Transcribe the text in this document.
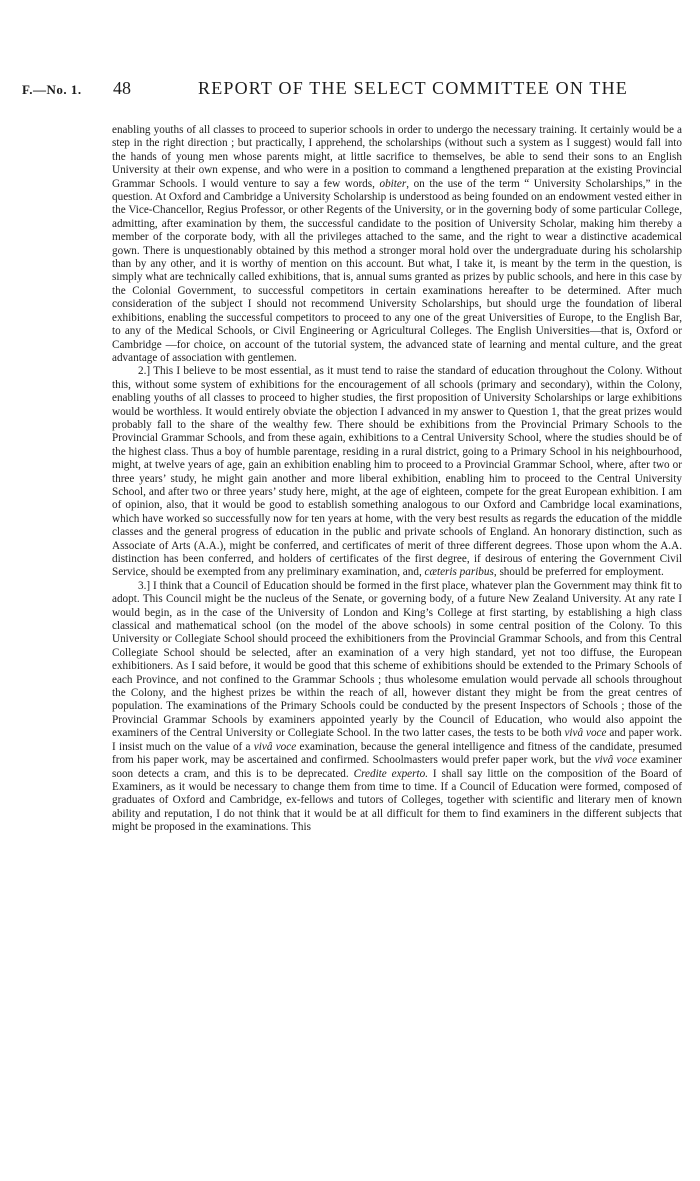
F.—No. 1. 48	REPORT OF THE SELECT COMMITTEE ON THE

enabling youths of all classes to proceed to superior schools in order to undergo the necessary training. It certainly would be a step in the right direction ; but practically, I apprehend, the scholarships (without such a system as I suggest) would fall into the hands of young men whose parents might, at little sacrifice to themselves, be able to send their sons to an English University at their own expense, and who were in a position to command a lengthened preparation at the existing Provincial Grammar Schools. I would venture to say a few words, obiter, on the use of the term “ University Scholarships,” in the question. At Oxford and Cambridge a University Scholarship is understood as being founded on an endowment vested either in the Vice-Chancellor, Regius Professor, or other Regents of the University, or in the governing body of some particular College, admitting, after examination by them, the successful candidate to the position of University Scholar, making him thereby a member of the corporate body, with all the privileges attached to the same, and the right to wear a distinctive academical gown. There is unquestionably obtained by this method a stronger moral hold over the undergraduate during his scholarship than by any other, and it is worthy of mention on this account. But what, I take it, is meant by the term in the question, is simply what are technically called exhibitions, that is, annual sums granted as prizes by public schools, and here in this case by the Colonial Government, to successful competitors in certain examinations hereafter to be determined. After much consideration of the subject I should not recommend University Scholarships, but should urge the foundation of liberal exhibitions, enabling the successful competitors to proceed to any one of the great Universities of Europe, to the English Bar, to any of the Medical Schools, or Civil Engineering or Agricultural Colleges. The English Universities—that is, Oxford or Cambridge —for choice, on account of the tutorial system, the advanced state of learning and mental culture, and the great advantage of association with gentlemen.

2.] This I believe to be most essential, as it must tend to raise the standard of education throughout the Colony. Without this, without some system of exhibitions for the encouragement of all schools (primary and secondary), within the Colony, enabling youths of all classes to proceed to higher studies, the first proposition of University Scholarships or large exhibitions would be worthless. It would entirely obviate the objection I advanced in my answer to Question 1, that the great prizes would probably fall to the share of the wealthy few. There should be exhibitions from the Provincial Primary Schools to the Provincial Grammar Schools, and from these again, exhibitions to a Central University School, where the studies should be of the highest class. Thus a boy of humble parentage, residing in a rural district, going to a Primary School in his neighbourhood, might, at twelve years of age, gain an exhibition enabling him to proceed to a Provincial Grammar School, where, after two or three years’ study, he might gain another and more liberal exhibition, enabling him to proceed to the Central University School, and after two or three years’ study here, might, at the age of eighteen, compete for the great European exhibition. I am of opinion, also, that it would be good to establish something analogous to our Oxford and Cambridge local examinations, which have worked so successfully now for ten years at home, with the very best results as regards the education of the middle classes and the general progress of education in the public and private schools of England. An honorary distinction, such as Associate of Arts (A.A.), might be conferred, and certificates of merit of three different degrees. Those upon whom the A.A. distinction has been conferred, and holders of certificates of the first degree, if desirous of entering the Government Civil Service, should be exempted from any preliminary examination, and, cæteris paribus, should be preferred for employment.

3.] I think that a Council of Education should be formed in the first place, whatever plan the Government may think fit to adopt. This Council might be the nucleus of the Senate, or governing body, of a future New Zealand University. At any rate I would begin, as in the case of the University of London and King’s College at first starting, by establishing a high class classical and mathematical school (on the model of the above schools) in some central position of the Colony. To this University or Collegiate School should proceed the exhibitioners from the Provincial Grammar Schools, and from this Central Collegiate School should be selected, after an examination of a very high standard, yet not too diffuse, the European exhibitioners. As I said before, it would be good that this scheme of exhibitions should be extended to the Primary Schools of each Province, and not confined to the Grammar Schools ; thus wholesome emulation would pervade all schools throughout the Colony, and the highest prizes be within the reach of all, however distant they might be from the great centres of population. The examinations of the Primary Schools could be conducted by the present Inspectors of Schools ; those of the Provincial Grammar Schools by examiners appointed yearly by the Council of Education, who would also appoint the examiners of the Central University or Collegiate School. In the two latter cases, the tests to be both vivâ voce and paper work. I insist much on the value of a vivâ voce examination, because the general intelligence and fitness of the candidate, presumed from his paper work, may be ascertained and confirmed. Schoolmasters would prefer paper work, but the vivâ voce examiner soon detects a cram, and this is to be deprecated. Credite experto. I shall say little on the composition of the Board of Examiners, as it would be necessary to change them from time to time. If a Council of Education were formed, composed of graduates of Oxford and Cambridge, ex-fellows and tutors of Colleges, together with scientific and literary men of known ability and reputation, I do not think that it would be at all difficult for them to find examiners in the different subjects that might be proposed in the examinations. This
